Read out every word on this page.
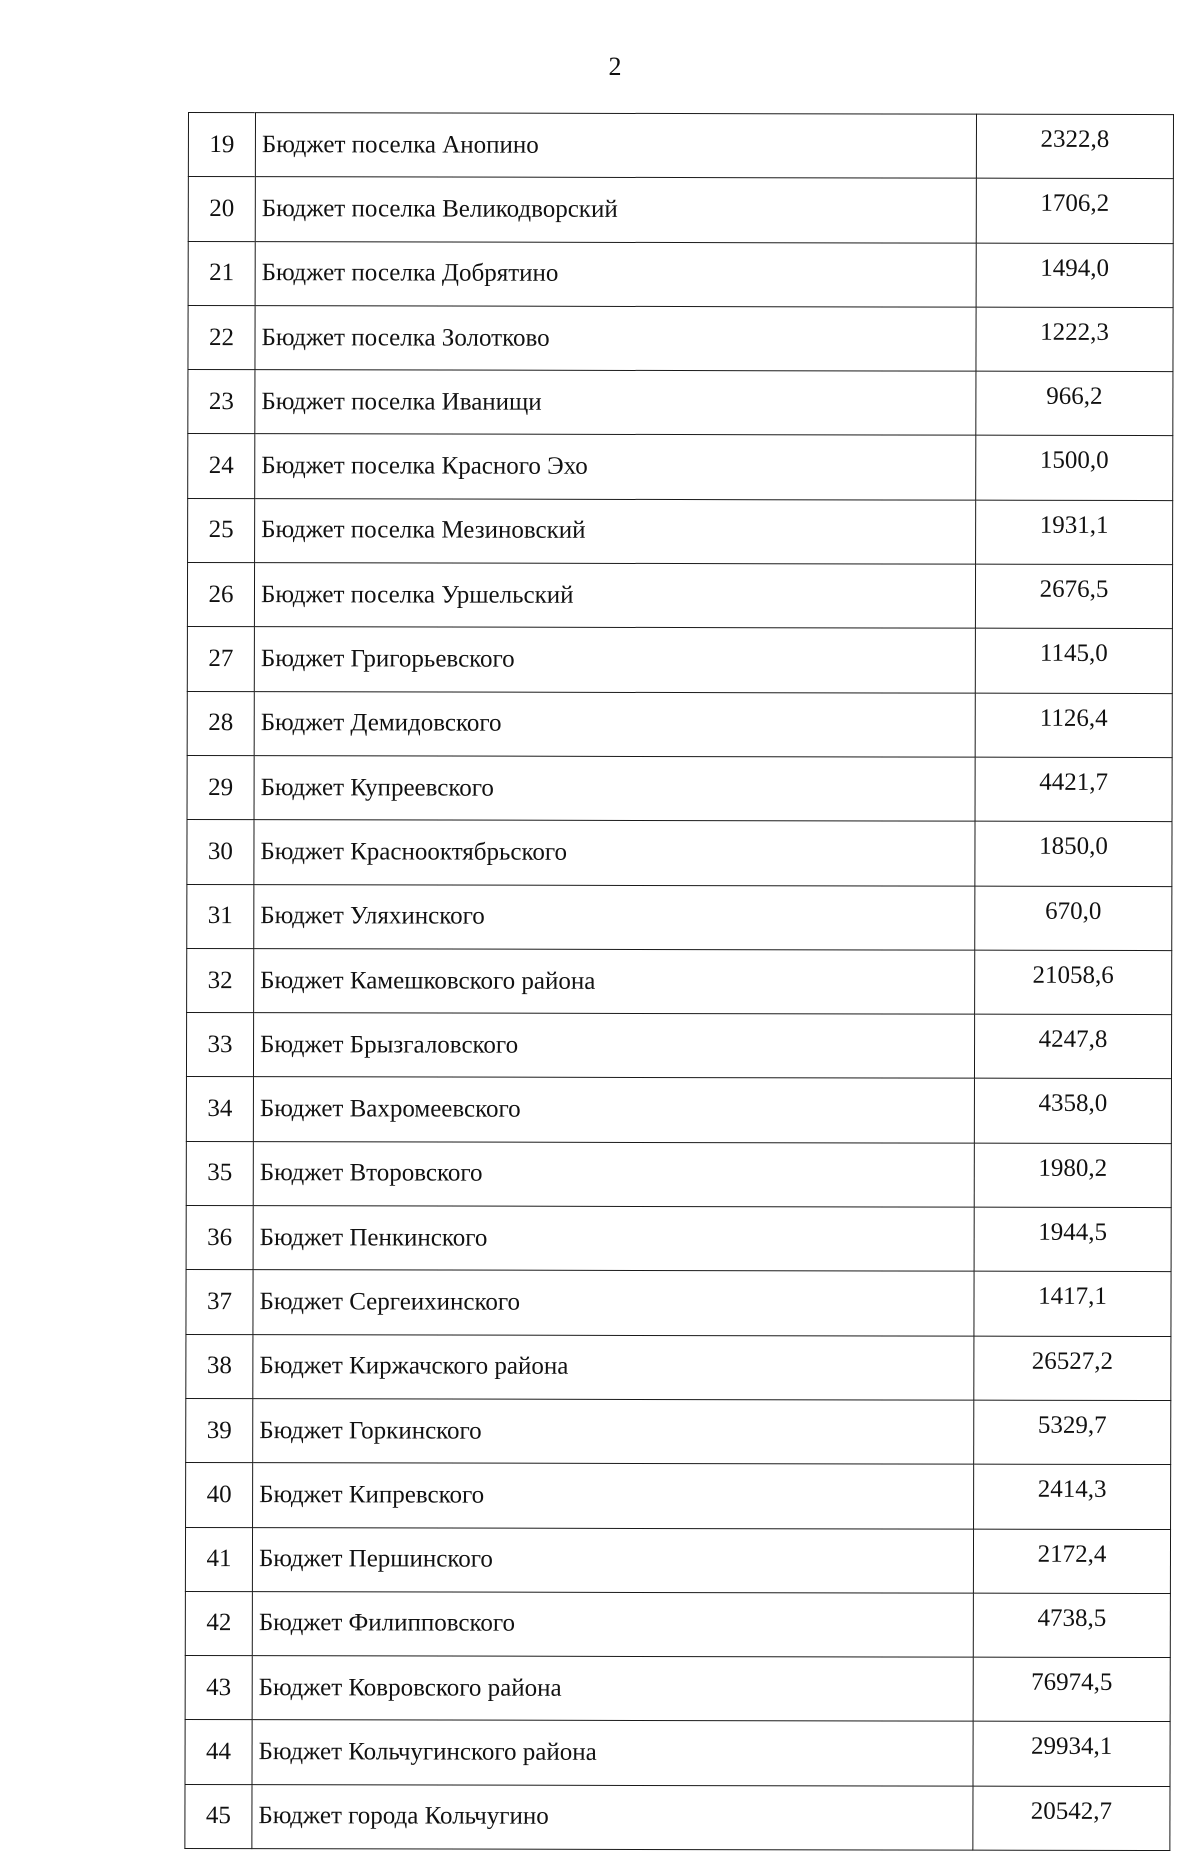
2
19	Бюджет поселка Анопино	2322,8
20	Бюджет поселка Великодворский	1706,2
21	Бюджет поселка Добрятино	1494,0
22	Бюджет поселка Золотково	1222,3
23	Бюджет поселка Иванищи	966,2
24	Бюджет поселка Красного Эхо	1500,0
25	Бюджет поселка Мезиновский	1931,1
26	Бюджет поселка Уршельский	2676,5
27	Бюджет Григорьевского	1145,0
28	Бюджет Демидовского	1126,4
29	Бюджет Купреевского	4421,7
30	Бюджет Краснооктябрьского	1850,0
31	Бюджет Уляхинского	670,0
32	Бюджет Камешковского района	21058,6
33	Бюджет Брызгаловского	4247,8
34	Бюджет Вахромеевского	4358,0
35	Бюджет Второвского	1980,2
36	Бюджет Пенкинского	1944,5
37	Бюджет Сергеихинского	1417,1
38	Бюджет Киржачского района	26527,2
39	Бюджет Горкинского	5329,7
40	Бюджет Кипревского	2414,3
41	Бюджет Першинского	2172,4
42	Бюджет Филипповского	4738,5
43	Бюджет Ковровского района	76974,5
44	Бюджет Кольчугинского района	29934,1
45	Бюджет города Кольчугино	20542,7
